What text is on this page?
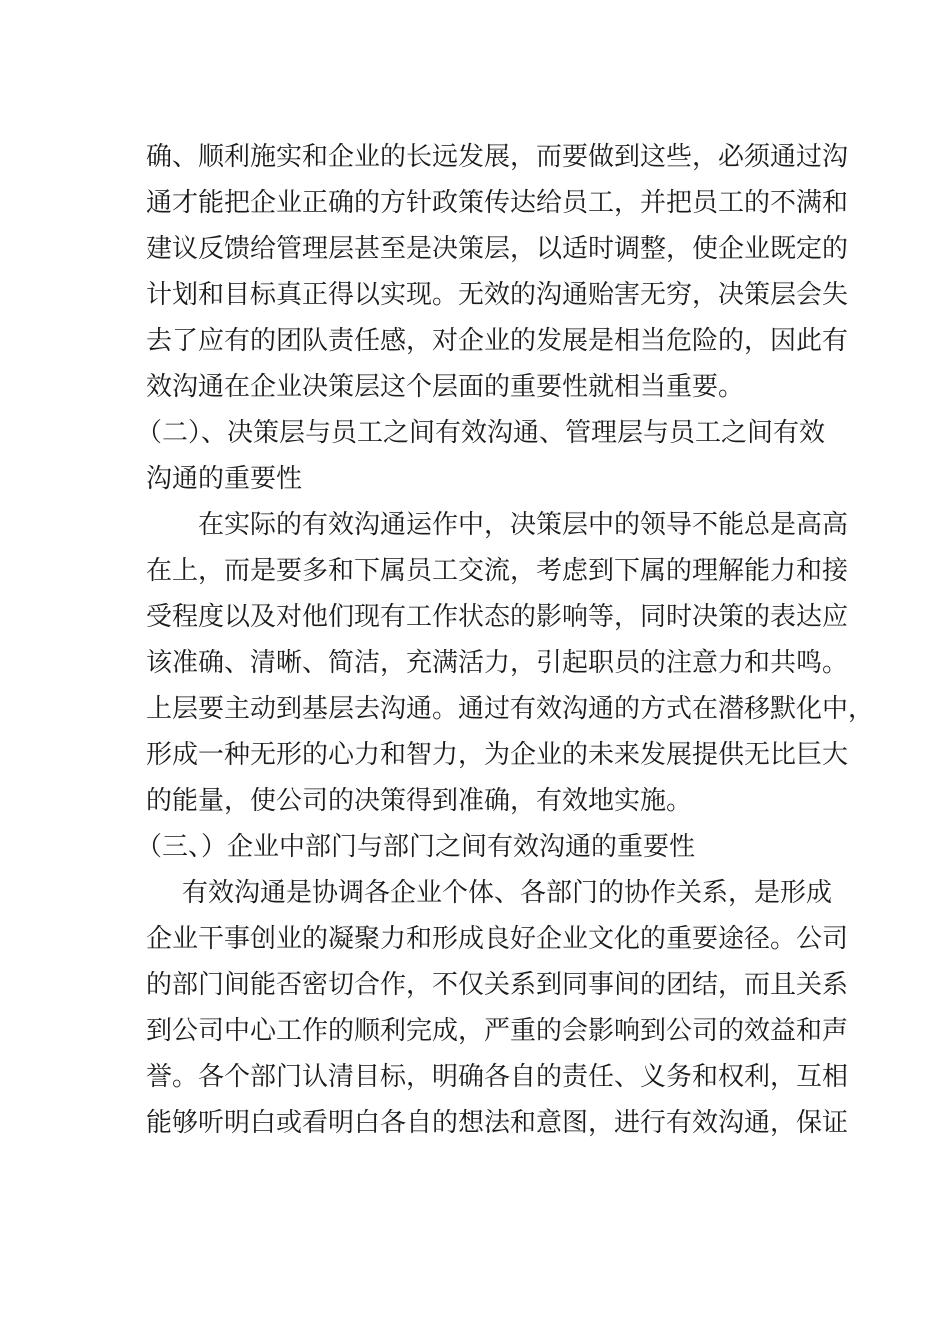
确、顺利施实和企业的长远发展，而要做到这些，必须通过沟
通才能把企业正确的方针政策传达给员工，并把员工的不满和
建议反馈给管理层甚至是决策层，以适时调整，使企业既定的
计划和目标真正得以实现。无效的沟通贻害无穷，决策层会失
去了应有的团队责任感，对企业的发展是相当危险的，因此有
效沟通在企业决策层这个层面的重要性就相当重要。
（二）、决策层与员工之间有效沟通、管理层与员工之间有效
沟通的重要性
在实际的有效沟通运作中，决策层中的领导不能总是高高
在上，而是要多和下属员工交流，考虑到下属的理解能力和接
受程度以及对他们现有工作状态的影响等，同时决策的表达应
该准确、清晰、简洁，充满活力，引起职员的注意力和共鸣。
上层要主动到基层去沟通。通过有效沟通的方式在潜移默化中，
形成一种无形的心力和智力，为企业的未来发展提供无比巨大
的能量，使公司的决策得到准确，有效地实施。
（三、）企业中部门与部门之间有效沟通的重要性
有效沟通是协调各企业个体、各部门的协作关系，是形成
企业干事创业的凝聚力和形成良好企业文化的重要途径。公司
的部门间能否密切合作，不仅关系到同事间的团结，而且关系
到公司中心工作的顺利完成，严重的会影响到公司的效益和声
誉。各个部门认清目标，明确各自的责任、义务和权利，互相
能够听明白或看明白各自的想法和意图，进行有效沟通，保证
